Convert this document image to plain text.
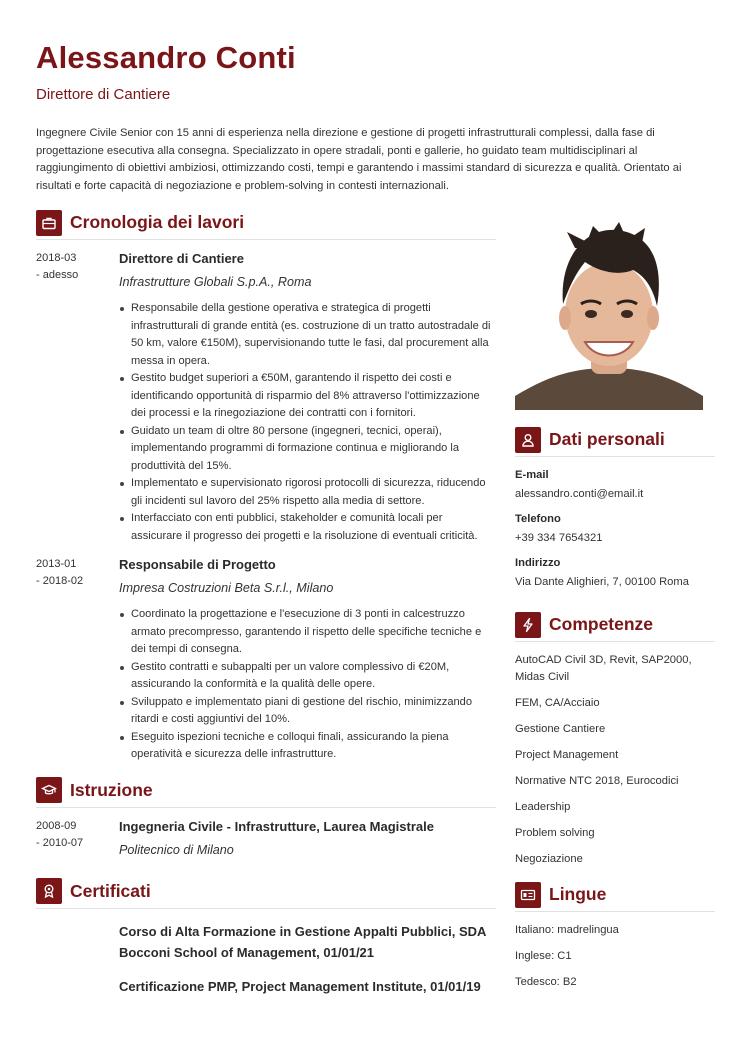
Alessandro Conti
Direttore di Cantiere
Ingegnere Civile Senior con 15 anni di esperienza nella direzione e gestione di progetti infrastrutturali complessi, dalla fase di progettazione esecutiva alla consegna. Specializzato in opere stradali, ponti e gallerie, ho guidato team multidisciplinari al raggiungimento di obiettivi ambiziosi, ottimizzando costi, tempi e garantendo i massimi standard di sicurezza e qualità. Orientato ai risultati e forte capacità di negoziazione e problem-solving in contesti internazionali.
Cronologia dei lavori
2018-03
- adesso
Direttore di Cantiere
Infrastrutture Globali S.p.A., Roma
Responsabile della gestione operativa e strategica di progetti infrastrutturali di grande entità (es. costruzione di un tratto autostradale di 50 km, valore €150M), supervisionando tutte le fasi, dal procurement alla messa in opera.
Gestito budget superiori a €50M, garantendo il rispetto dei costi e identificando opportunità di risparmio del 8% attraverso l'ottimizzazione dei processi e la rinegoziazione dei contratti con i fornitori.
Guidato un team di oltre 80 persone (ingegneri, tecnici, operai), implementando programmi di formazione continua e migliorando la produttività del 15%.
Implementato e supervisionato rigorosi protocolli di sicurezza, riducendo gli incidenti sul lavoro del 25% rispetto alla media di settore.
Interfacciato con enti pubblici, stakeholder e comunità locali per assicurare il progresso dei progetti e la risoluzione di eventuali criticità.
2013-01
- 2018-02
Responsabile di Progetto
Impresa Costruzioni Beta S.r.l., Milano
Coordinato la progettazione e l'esecuzione di 3 ponti in calcestruzzo armato precompresso, garantendo il rispetto delle specifiche tecniche e dei tempi di consegna.
Gestito contratti e subappalti per un valore complessivo di €20M, assicurando la conformità e la qualità delle opere.
Sviluppato e implementato piani di gestione del rischio, minimizzando ritardi e costi aggiuntivi del 10%.
Eseguito ispezioni tecniche e colloqui finali, assicurando la piena operatività e sicurezza delle infrastrutture.
Istruzione
2008-09
- 2010-07
Ingegneria Civile - Infrastrutture, Laurea Magistrale
Politecnico di Milano
Certificati
Corso di Alta Formazione in Gestione Appalti Pubblici, SDA Bocconi School of Management, 01/01/21
Certificazione PMP, Project Management Institute, 01/01/19
Dati personali
E-mail
alessandro.conti@email.it
Telefono
+39 334 7654321
Indirizzo
Via Dante Alighieri, 7, 00100 Roma
Competenze
AutoCAD Civil 3D, Revit, SAP2000, Midas Civil
FEM, CA/Acciaio
Gestione Cantiere
Project Management
Normative NTC 2018, Eurocodici
Leadership
Problem solving
Negoziazione
Lingue
Italiano: madrelingua
Inglese: C1
Tedesco: B2
